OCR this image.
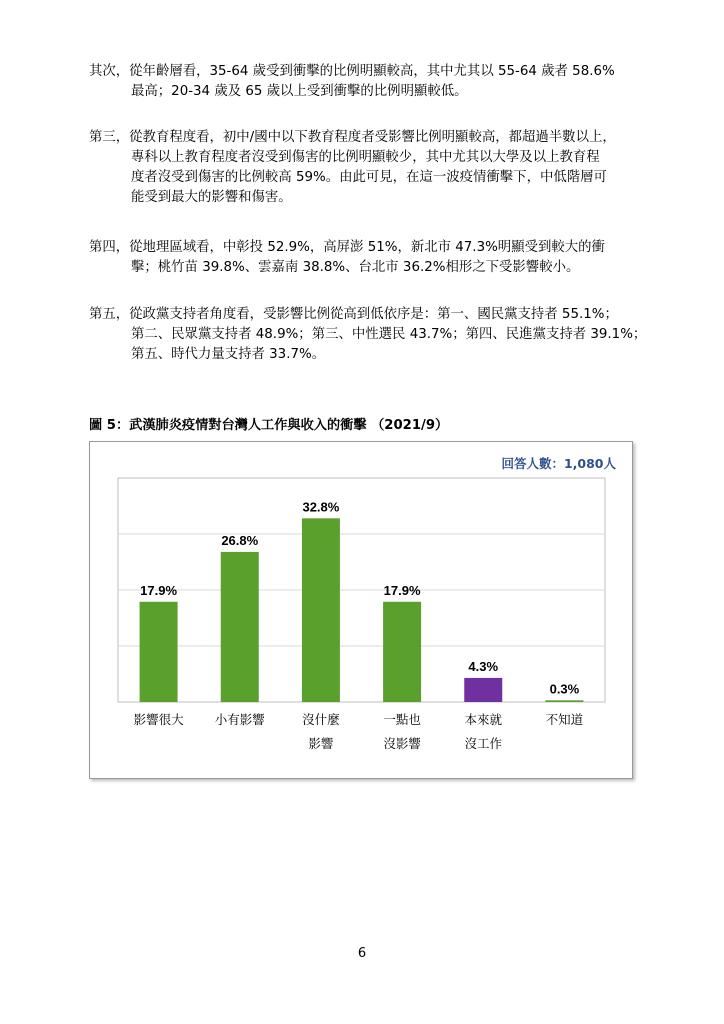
其次，從年齡層看，35-64 歲受到衝擊的比例明顯較高，其中尤其以 55-64 歲者 58.6%
最高；20-34 歲及 65 歲以上受到衝擊的比例明顯較低。
第三，從教育程度看，初中/國中以下教育程度者受影響比例明顯較高，都超過半數以上，
專科以上教育程度者沒受到傷害的比例明顯較少，其中尤其以大學及以上教育程
度者沒受到傷害的比例較高 59%。由此可見，在這一波疫情衝擊下，中低階層可
能受到最大的影響和傷害。
第四，從地理區域看，中彰投 52.9%，高屏澎 51%，新北市 47.3%明顯受到較大的衝
擊；桃竹苗 39.8%、雲嘉南 38.8%、台北市 36.2%相形之下受影響較小。
第五，從政黨支持者角度看，受影響比例從高到低依序是：第一、國民黨支持者 55.1%；
第二、民眾黨支持者 48.9%；第三、中性選民 43.7%；第四、民進黨支持者 39.1%；
第五、時代力量支持者 33.7%。
圖 5：武漢肺炎疫情對台灣人工作與收入的衝擊 （2021/9）
回答人數：1,080人
17.9%
影響很大
26.8%
小有影響
32.8%
沒什麼
影響
17.9%
一點也
沒影響
4.3%
本來就
沒工作
0.3%
不知道
6
